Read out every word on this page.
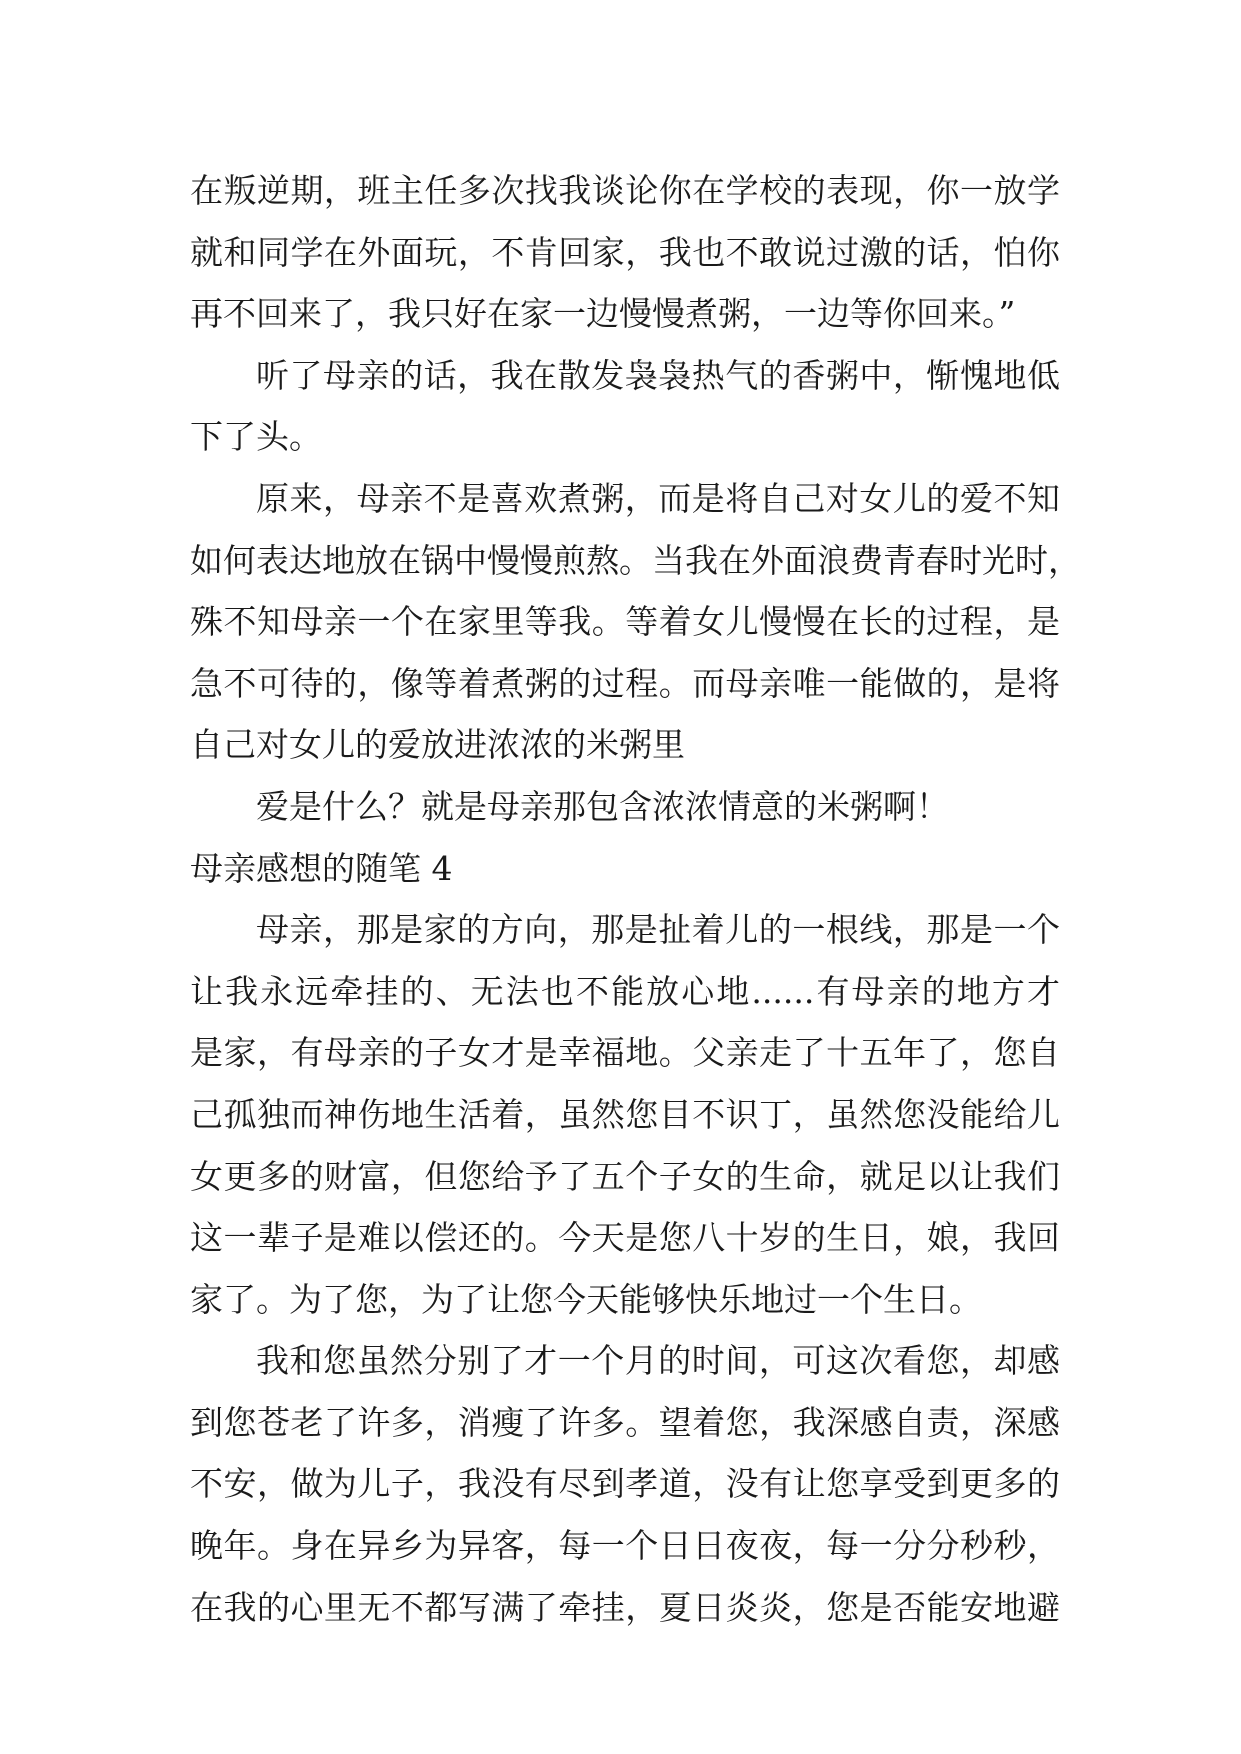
在叛逆期，班主任多次找我谈论你在学校的表现，你一放学
就和同学在外面玩，不肯回家，我也不敢说过激的话，怕你
再不回来了，我只好在家一边慢慢煮粥，一边等你回来。”
听了母亲的话，我在散发袅袅热气的香粥中，惭愧地低
下了头。
原来，母亲不是喜欢煮粥，而是将自己对女儿的爱不知
如何表达地放在锅中慢慢煎熬。当我在外面浪费青春时光时，
殊不知母亲一个在家里等我。等着女儿慢慢在长的过程，是
急不可待的，像等着煮粥的过程。而母亲唯一能做的，是将
自己对女儿的爱放进浓浓的米粥里
爱是什么？就是母亲那包含浓浓情意的米粥啊！
母亲感想的随笔 4
母亲，那是家的方向，那是扯着儿的一根线，那是一个
让我永远牵挂的、无法也不能放心地......有母亲的地方才
是家，有母亲的子女才是幸福地。父亲走了十五年了，您自
己孤独而神伤地生活着，虽然您目不识丁，虽然您没能给儿
女更多的财富，但您给予了五个子女的生命，就足以让我们
这一辈子是难以偿还的。今天是您八十岁的生日，娘，我回
家了。为了您，为了让您今天能够快乐地过一个生日。
我和您虽然分别了才一个月的时间，可这次看您，却感
到您苍老了许多，消瘦了许多。望着您，我深感自责，深感
不安，做为儿子，我没有尽到孝道，没有让您享受到更多的
晚年。身在异乡为异客，每一个日日夜夜，每一分分秒秒，
在我的心里无不都写满了牵挂，夏日炎炎，您是否能安地避
